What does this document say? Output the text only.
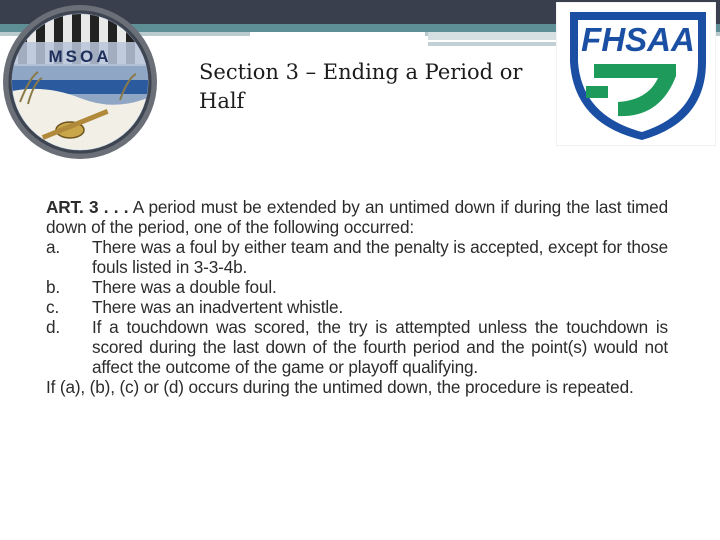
MSOA	FHSAA
Section 3 – Ending a Period or Half

ART. 3 . . . A period must be extended by an untimed down if during the last timed down of the period, one of the following occurred:

a.	There was a foul by either team and the penalty is accepted, except for those fouls listed in 3-3-4b.
b.	There was a double foul.
c.	There was an inadvertent whistle.
d.	If a touchdown was scored, the try is attempted unless the touchdown is scored during the last down of the fourth period and the point(s) would not affect the outcome of the game or playoff qualifying.

If (a), (b), (c) or (d) occurs during the untimed down, the procedure is repeated.
